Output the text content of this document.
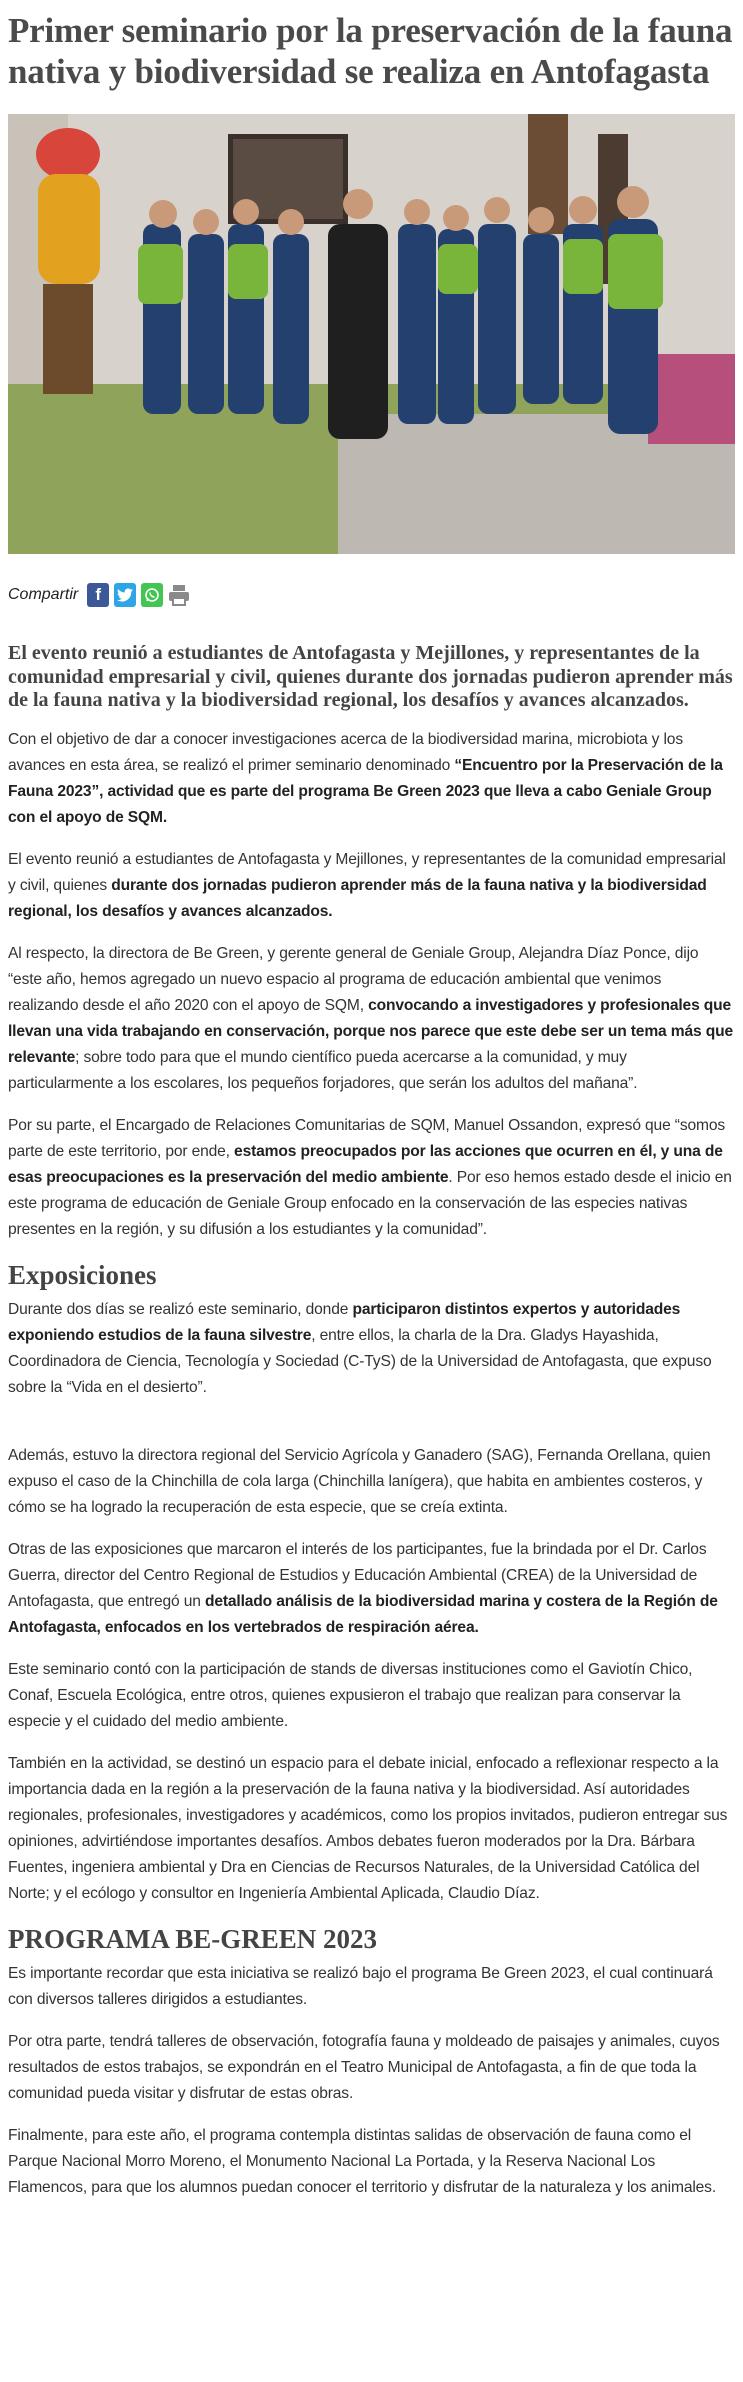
Primer seminario por la preservación de la fauna nativa y biodiversidad se realiza en Antofagasta
Compartir	f
El evento reunió a estudiantes de Antofagasta y Mejillones, y representantes de la comunidad empresarial y civil, quienes durante dos jornadas pudieron aprender más de la fauna nativa y la biodiversidad regional, los desafíos y avances alcanzados.

Con el objetivo de dar a conocer investigaciones acerca de la biodiversidad marina, microbiota y los avances en esta área, se realizó el primer seminario denominado “Encuentro por la Preservación de la Fauna 2023”, actividad que es parte del programa Be Green 2023 que lleva a cabo Geniale Group con el apoyo de SQM.

El evento reunió a estudiantes de Antofagasta y Mejillones, y representantes de la comunidad empresarial y civil, quienes durante dos jornadas pudieron aprender más de la fauna nativa y la biodiversidad regional, los desafíos y avances alcanzados.

Al respecto, la directora de Be Green, y gerente general de Geniale Group, Alejandra Díaz Ponce, dijo “este año, hemos agregado un nuevo espacio al programa de educación ambiental que venimos realizando desde el año 2020 con el apoyo de SQM, convocando a investigadores y profesionales que llevan una vida trabajando en conservación, porque nos parece que este debe ser un tema más que relevante; sobre todo para que el mundo científico pueda acercarse a la comunidad, y muy particularmente a los escolares, los pequeños forjadores, que serán los adultos del mañana”.

Por su parte, el Encargado de Relaciones Comunitarias de SQM, Manuel Ossandon, expresó que “somos parte de este territorio, por ende, estamos preocupados por las acciones que ocurren en él, y una de esas preocupaciones es la preservación del medio ambiente. Por eso hemos estado desde el inicio en este programa de educación de Geniale Group enfocado en la conservación de las especies nativas presentes en la región, y su difusión a los estudiantes y la comunidad”.

Exposiciones

Durante dos días se realizó este seminario, donde participaron distintos expertos y autoridades exponiendo estudios de la fauna silvestre, entre ellos, la charla de la Dra. Gladys Hayashida, Coordinadora de Ciencia, Tecnología y Sociedad (C-TyS) de la Universidad de Antofagasta, que expuso sobre la “Vida en el desierto”.

Además, estuvo la directora regional del Servicio Agrícola y Ganadero (SAG), Fernanda Orellana, quien expuso el caso de la Chinchilla de cola larga (Chinchilla lanígera), que habita en ambientes costeros, y cómo se ha logrado la recuperación de esta especie, que se creía extinta.

Otras de las exposiciones que marcaron el interés de los participantes, fue la brindada por el Dr. Carlos Guerra, director del Centro Regional de Estudios y Educación Ambiental (CREA) de la Universidad de Antofagasta, que entregó un detallado análisis de la biodiversidad marina y costera de la Región de Antofagasta, enfocados en los vertebrados de respiración aérea.

Este seminario contó con la participación de stands de diversas instituciones como el Gaviotín Chico, Conaf, Escuela Ecológica, entre otros, quienes expusieron el trabajo que realizan para conservar la especie y el cuidado del medio ambiente.

También en la actividad, se destinó un espacio para el debate inicial, enfocado a reflexionar respecto a la importancia dada en la región a la preservación de la fauna nativa y la biodiversidad. Así autoridades regionales, profesionales, investigadores y académicos, como los propios invitados, pudieron entregar sus opiniones, advirtiéndose importantes desafíos. Ambos debates fueron moderados por la Dra. Bárbara Fuentes, ingeniera ambiental y Dra en Ciencias de Recursos Naturales, de la Universidad Católica del Norte; y el ecólogo y consultor en Ingeniería Ambiental Aplicada, Claudio Díaz.

PROGRAMA BE-GREEN 2023

Es importante recordar que esta iniciativa se realizó bajo el programa Be Green 2023, el cual continuará con diversos talleres dirigidos a estudiantes.

Por otra parte, tendrá talleres de observación, fotografía fauna y moldeado de paisajes y animales, cuyos resultados de estos trabajos, se expondrán en el Teatro Municipal de Antofagasta, a fin de que toda la comunidad pueda visitar y disfrutar de estas obras.

Finalmente, para este año, el programa contempla distintas salidas de observación de fauna como el Parque Nacional Morro Moreno, el Monumento Nacional La Portada, y la Reserva Nacional Los Flamencos, para que los alumnos puedan conocer el territorio y disfrutar de la naturaleza y los animales.
